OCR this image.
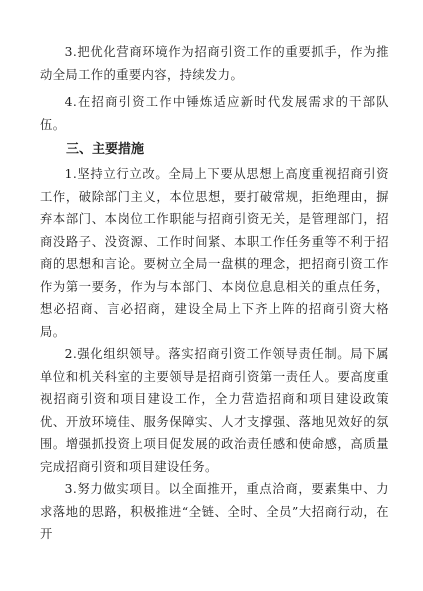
3.把优化营商环境作为招商引资工作的重要抓手，作为推动全局工作的重要内容，持续发力。

4.在招商引资工作中锤炼适应新时代发展需求的干部队伍。

三、主要措施

1.坚持立行立改。全局上下要从思想上高度重视招商引资工作，破除部门主义，本位思想，要打破常规，拒绝理由，摒弃本部门、本岗位工作职能与招商引资无关，是管理部门，招商没路子、没资源、工作时间紧、本职工作任务重等不利于招商的思想和言论。要树立全局一盘棋的理念，把招商引资工作作为第一要务，作为与本部门、本岗位息息相关的重点任务，想必招商、言必招商，建设全局上下齐上阵的招商引资大格局。

2.强化组织领导。落实招商引资工作领导责任制。局下属单位和机关科室的主要领导是招商引资第一责任人。要高度重视招商引资和项目建设工作，全力营造招商和项目建设政策优、开放环境佳、服务保障实、人才支撑强、落地见效好的氛围。增强抓投资上项目促发展的政治责任感和使命感，高质量完成招商引资和项目建设任务。

3.努力做实项目。以全面推开，重点洽商，要素集中、力求落地的思路，积极推进“全链、全时、全员”大招商行动，在开
